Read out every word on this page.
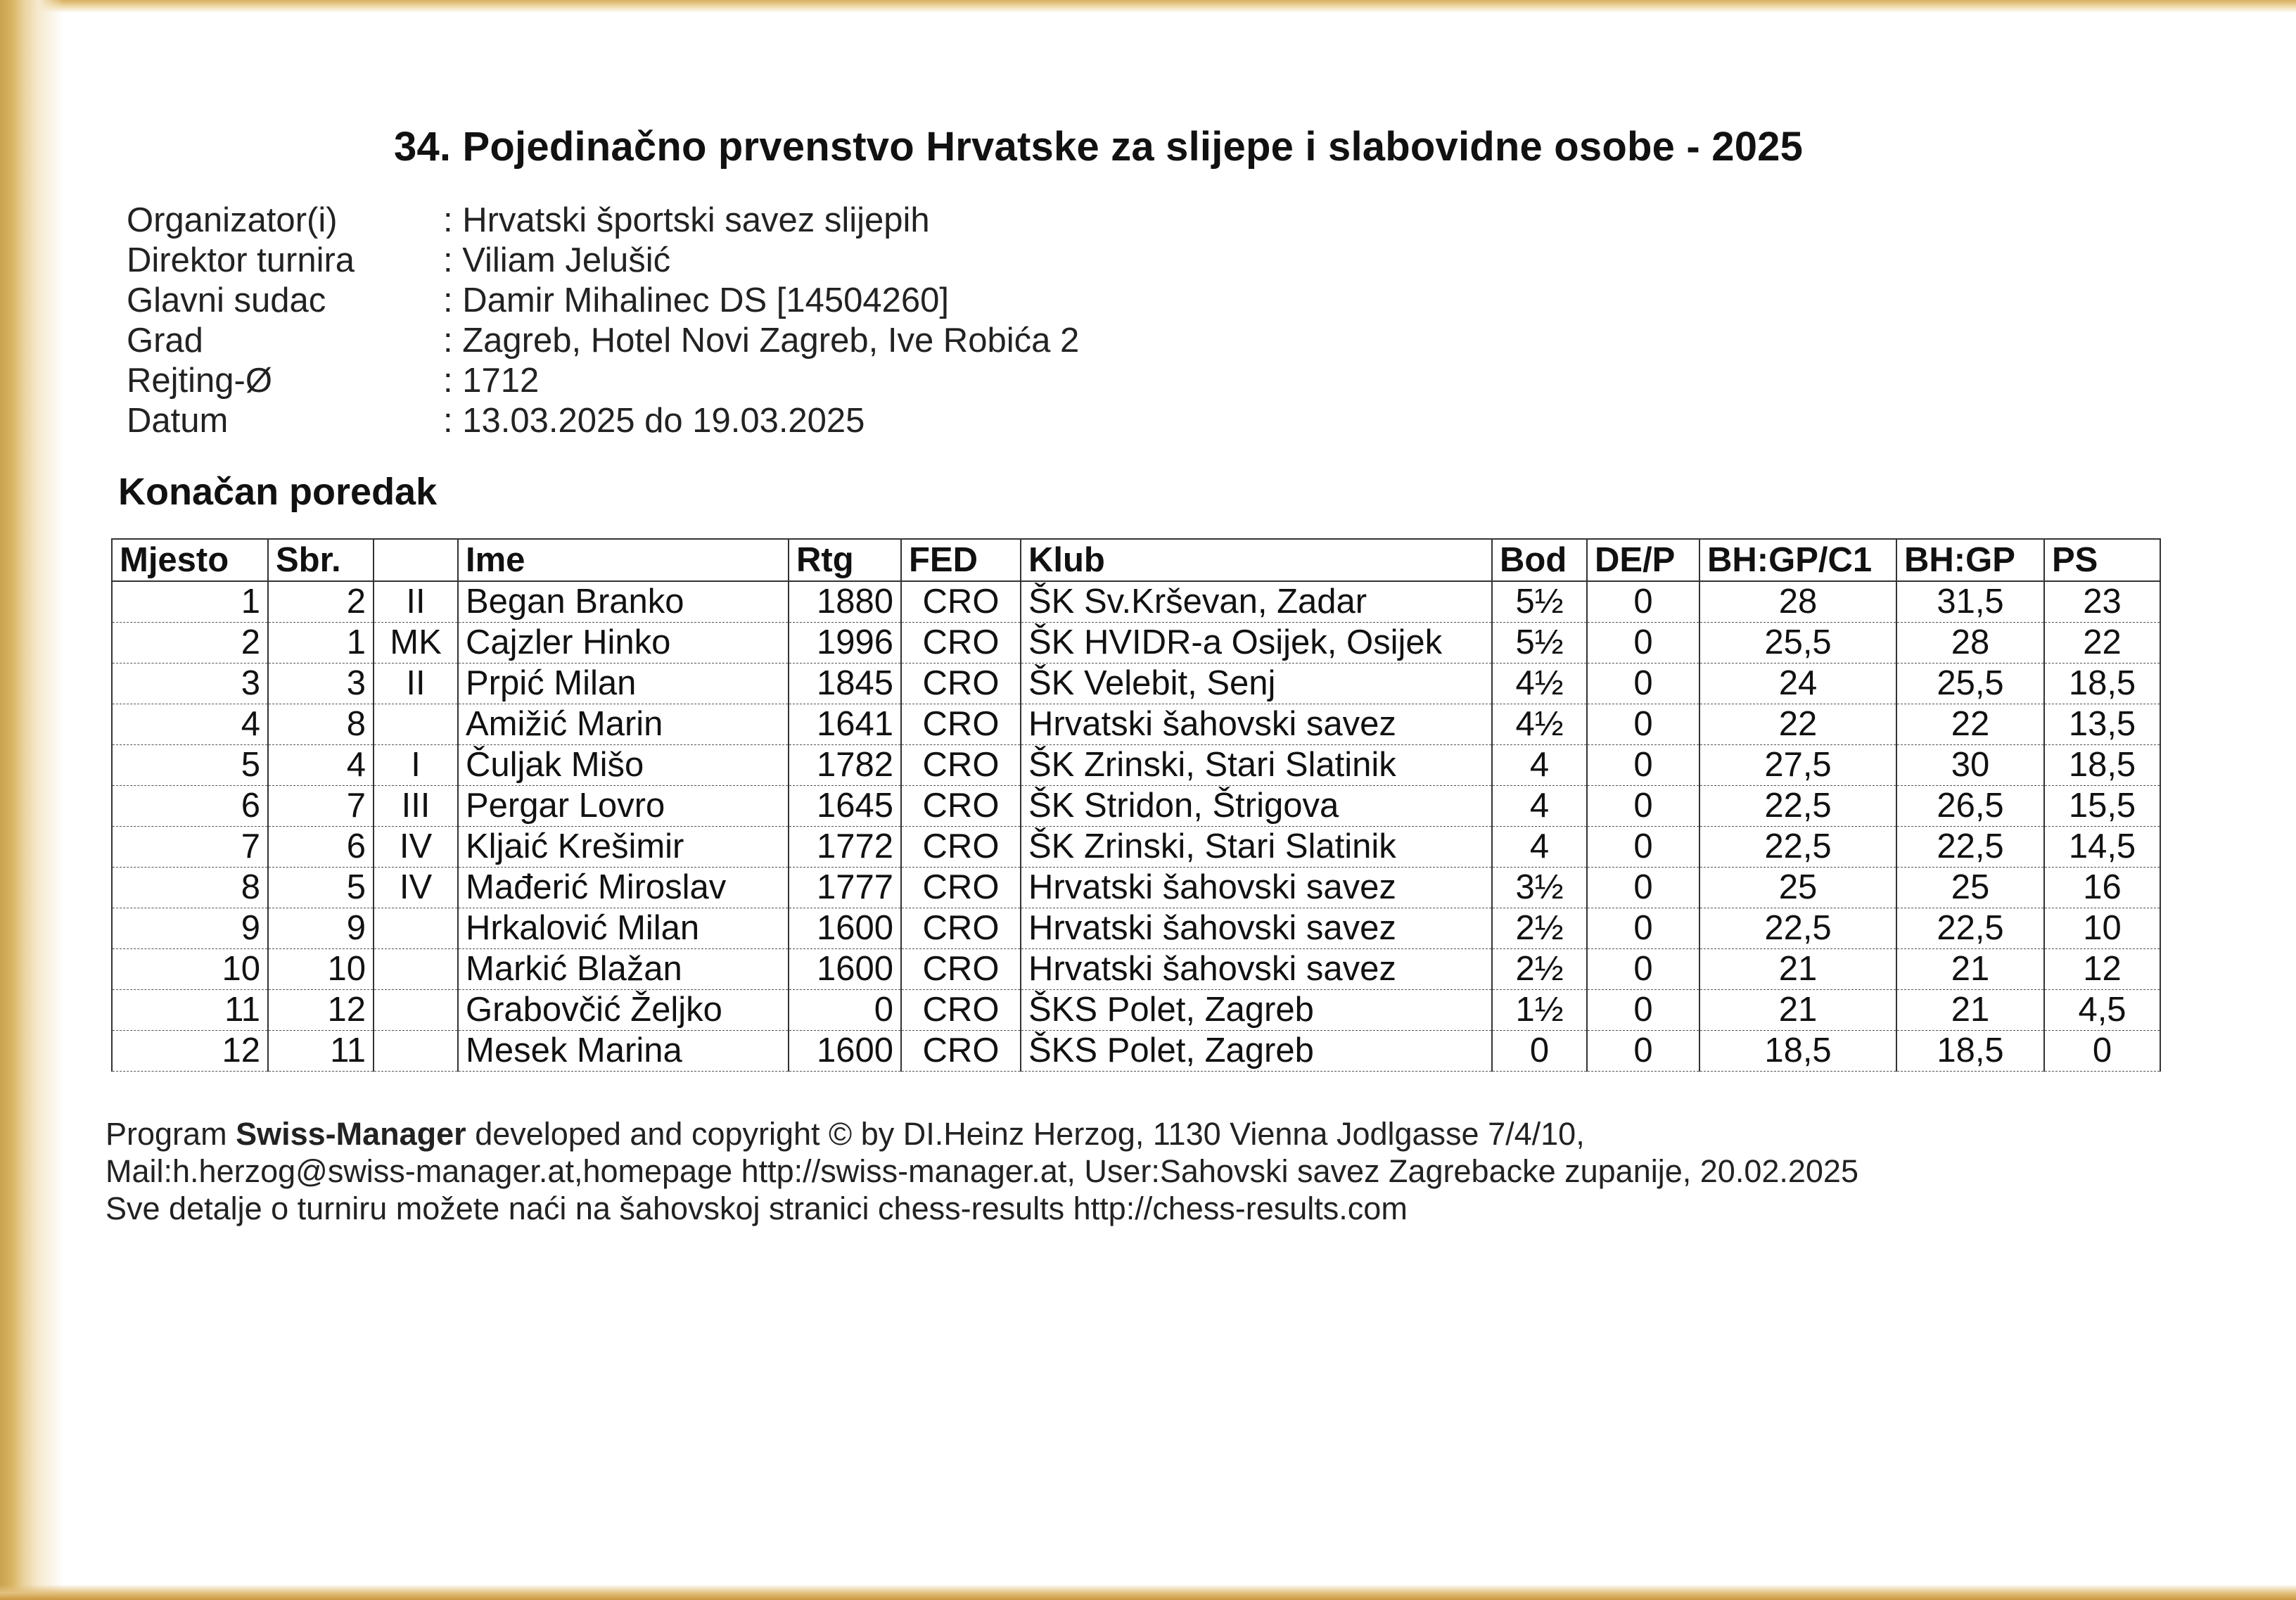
34. Pojedinačno prvenstvo Hrvatske za slijepe i slabovidne osobe - 2025
Organizator(i)	: Hrvatski športski savez slijepih
Direktor turnira	: Viliam Jelušić
Glavni sudac	: Damir Mihalinec DS [14504260]
Grad	: Zagreb, Hotel Novi Zagreb, Ive Robića 2
Rejting-Ø	: 1712
Datum	: 13.03.2025 do 19.03.2025
Konačan poredak
Mjesto	Sbr.		Ime	Rtg	FED	Klub	Bod	DE/P	BH:GP/C1	BH:GP	PS
1	2	II	Began Branko	1880	CRO	ŠK Sv.Krševan, Zadar	5½	0	28	31,5	23
2	1	MK	Cajzler Hinko	1996	CRO	ŠK HVIDR-a Osijek, Osijek	5½	0	25,5	28	22
3	3	II	Prpić Milan	1845	CRO	ŠK Velebit, Senj	4½	0	24	25,5	18,5
4	8		Amižić Marin	1641	CRO	Hrvatski šahovski savez	4½	0	22	22	13,5
5	4	I	Čuljak Mišo	1782	CRO	ŠK Zrinski, Stari Slatinik	4	0	27,5	30	18,5
6	7	III	Pergar Lovro	1645	CRO	ŠK Stridon, Štrigova	4	0	22,5	26,5	15,5
7	6	IV	Kljaić Krešimir	1772	CRO	ŠK Zrinski, Stari Slatinik	4	0	22,5	22,5	14,5
8	5	IV	Mađerić Miroslav	1777	CRO	Hrvatski šahovski savez	3½	0	25	25	16
9	9		Hrkalović Milan	1600	CRO	Hrvatski šahovski savez	2½	0	22,5	22,5	10
10	10		Markić Blažan	1600	CRO	Hrvatski šahovski savez	2½	0	21	21	12
11	12		Grabovčić Željko	0	CRO	ŠKS Polet, Zagreb	1½	0	21	21	4,5
12	11		Mesek Marina	1600	CRO	ŠKS Polet, Zagreb	0	0	18,5	18,5	0
Program Swiss-Manager developed and copyright © by DI.Heinz Herzog, 1130 Vienna Jodlgasse 7/4/10,
Mail:h.herzog@swiss-manager.at,homepage http://swiss-manager.at, User:Sahovski savez Zagrebacke zupanije, 20.02.2025
Sve detalje o turniru možete naći na šahovskoj stranici chess-results http://chess-results.com
